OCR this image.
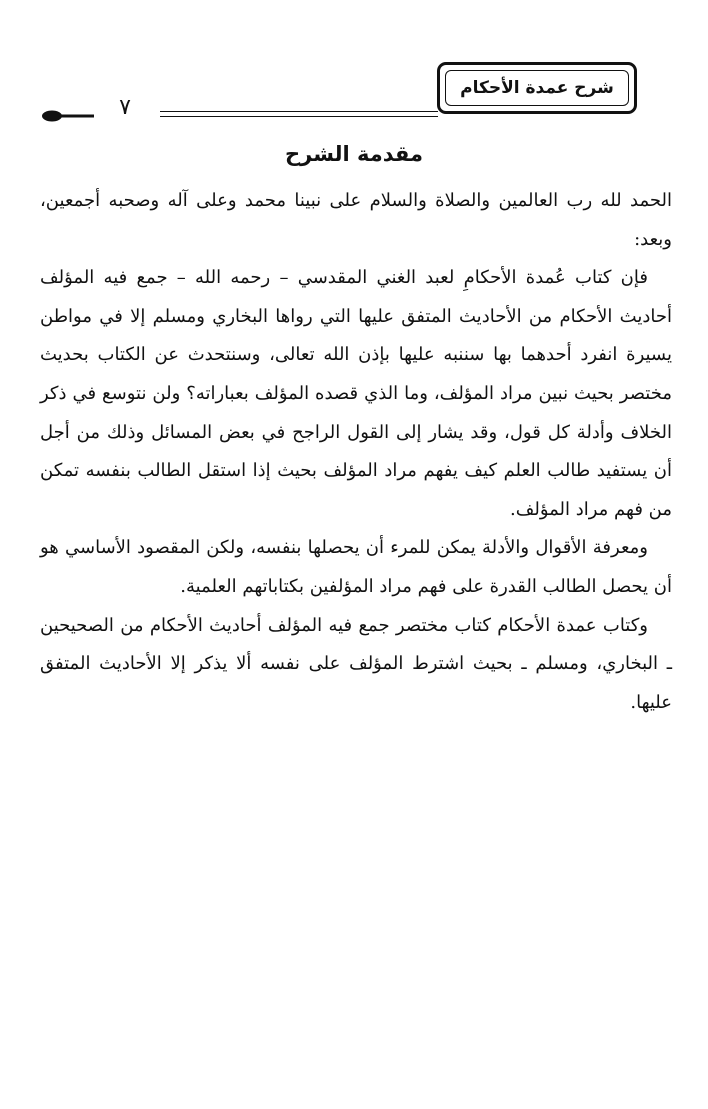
شرح عمدة الأحكام
٧
مقدمة الشرح

الحمد لله رب العالمين والصلاة والسلام على نبينا محمد وعلى آله وصحبه أجمعين، وبعد:

فإن كتاب عُمدة الأحكامِ لعبد الغني المقدسي – رحمه الله – جمع فيه المؤلف أحاديث الأحكام من الأحاديث المتفق عليها التي رواها البخاري ومسلم إلا في مواطن يسيرة انفرد أحدهما بها سننبه عليها بإذن الله تعالى، وسنتحدث عن الكتاب بحديث مختصر بحيث نبين مراد المؤلف، وما الذي قصده المؤلف بعباراته؟ ولن نتوسع في ذكر الخلاف وأدلة كل قول، وقد يشار إلى القول الراجح في بعض المسائل وذلك من أجل أن يستفيد طالب العلم كيف يفهم مراد المؤلف بحيث إذا استقل الطالب بنفسه تمكن من فهم مراد المؤلف.

ومعرفة الأقوال والأدلة يمكن للمرء أن يحصلها بنفسه، ولكن المقصود الأساسي هو أن يحصل الطالب القدرة على فهم مراد المؤلفين بكتاباتهم العلمية.

وكتاب عمدة الأحكام كتاب مختصر جمع فيه المؤلف أحاديث الأحكام من الصحيحين ـ البخاري، ومسلم ـ بحيث اشترط المؤلف على نفسه ألا يذكر إلا الأحاديث المتفق عليها.
